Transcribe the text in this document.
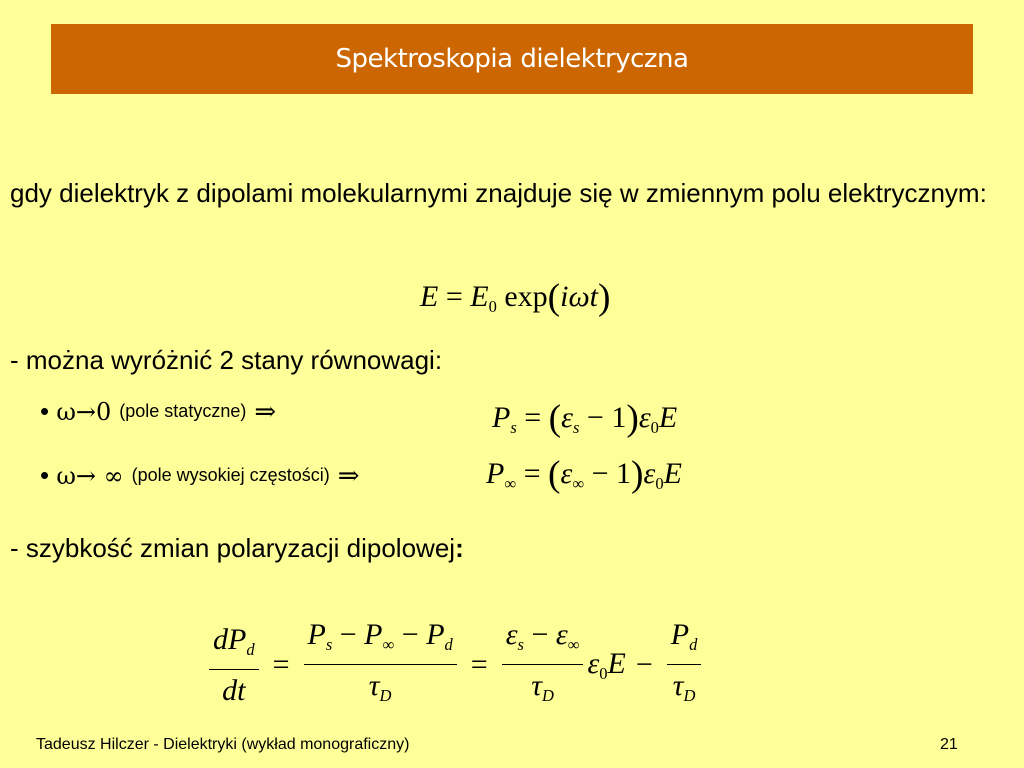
Spektroskopia dielektryczna
gdy dielektryk z dipolami molekularnymi znajduje się w zmiennym polu elektrycznym:
$E = E_0$ exp(iωt)
- można wyróżnić 2 stany równowagi:
• ω→0 (pole statyczne) ⇒	$P_s = (\varepsilon_s - 1)\varepsilon_0E$
• ω→ ∞ (pole wysokiej częstości) ⇒	$P_\infty = (\varepsilon_\infty - 1)\varepsilon_0E$
- szybkość zmian polaryzacji dipolowej:
$\frac{dP_d}{dt} = \frac{P_s - P_\infty - P_d}{\tau_D} = \frac{\varepsilon_s - \varepsilon_\infty}{\tau_D} \varepsilon_0E - \frac{P_d}{\tau_D}$
Tadeusz Hilczer - Dielektryki (wykład monograficzny)	21
